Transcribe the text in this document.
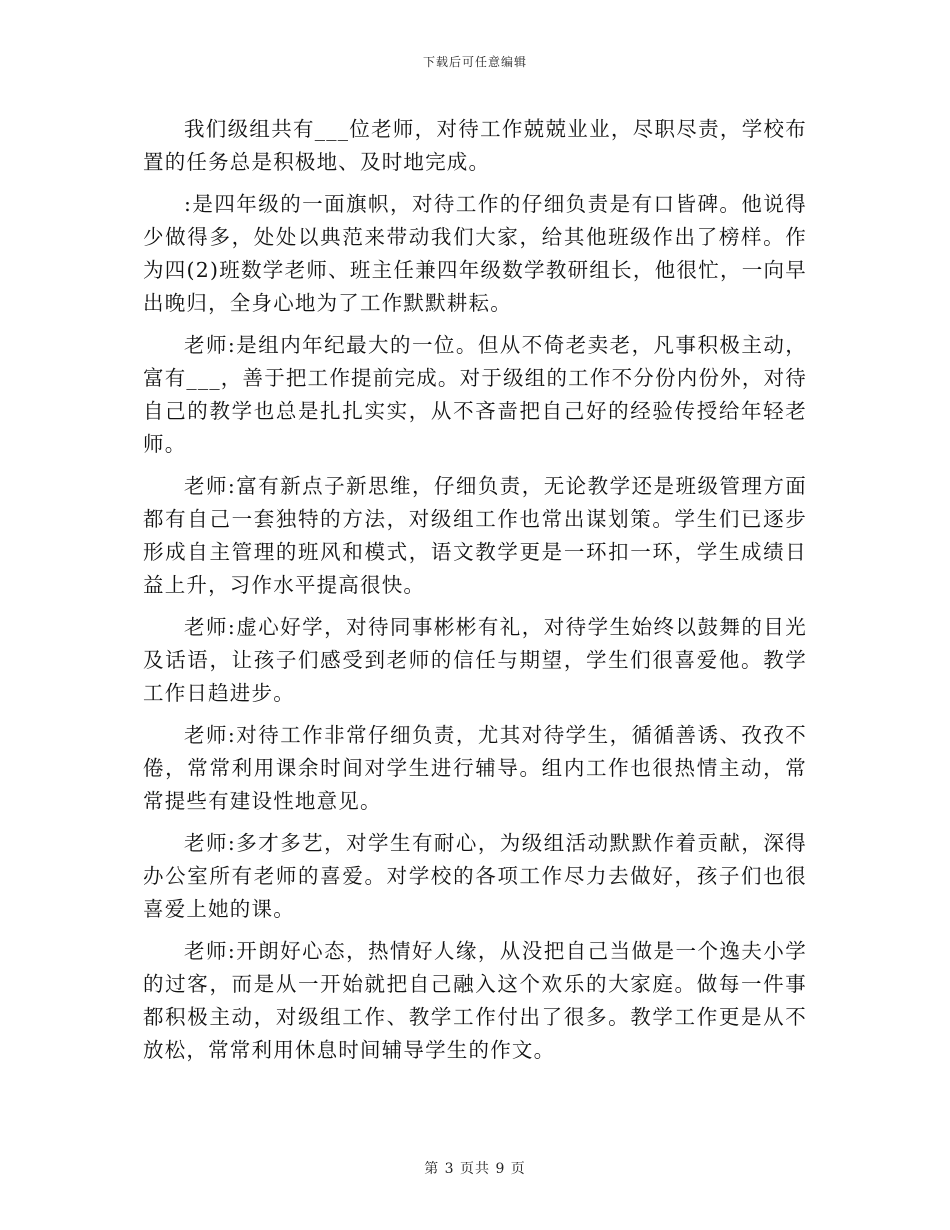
下载后可任意编辑

我们级组共有___位老师，对待工作兢兢业业，尽职尽责，学校布置的任务总是积极地、及时地完成。

:是四年级的一面旗帜，对待工作的仔细负责是有口皆碑。他说得少做得多，处处以典范来带动我们大家，给其他班级作出了榜样。作为四(2)班数学老师、班主任兼四年级数学教研组长，他很忙，一向早出晚归，全身心地为了工作默默耕耘。

老师:是组内年纪最大的一位。但从不倚老卖老，凡事积极主动，富有___，善于把工作提前完成。对于级组的工作不分份内份外，对待自己的教学也总是扎扎实实，从不吝啬把自己好的经验传授给年轻老师。

老师:富有新点子新思维，仔细负责，无论教学还是班级管理方面都有自己一套独特的方法，对级组工作也常出谋划策。学生们已逐步形成自主管理的班风和模式，语文教学更是一环扣一环，学生成绩日益上升，习作水平提高很快。

老师:虚心好学，对待同事彬彬有礼，对待学生始终以鼓舞的目光及话语，让孩子们感受到老师的信任与期望，学生们很喜爱他。教学工作日趋进步。

老师:对待工作非常仔细负责，尤其对待学生，循循善诱、孜孜不倦，常常利用课余时间对学生进行辅导。组内工作也很热情主动，常常提些有建设性地意见。

老师:多才多艺，对学生有耐心，为级组活动默默作着贡献，深得办公室所有老师的喜爱。对学校的各项工作尽力去做好，孩子们也很喜爱上她的课。

老师:开朗好心态，热情好人缘，从没把自己当做是一个逸夫小学的过客，而是从一开始就把自己融入这个欢乐的大家庭。做每一件事都积极主动，对级组工作、教学工作付出了很多。教学工作更是从不放松，常常利用休息时间辅导学生的作文。

第 3 页共 9 页
